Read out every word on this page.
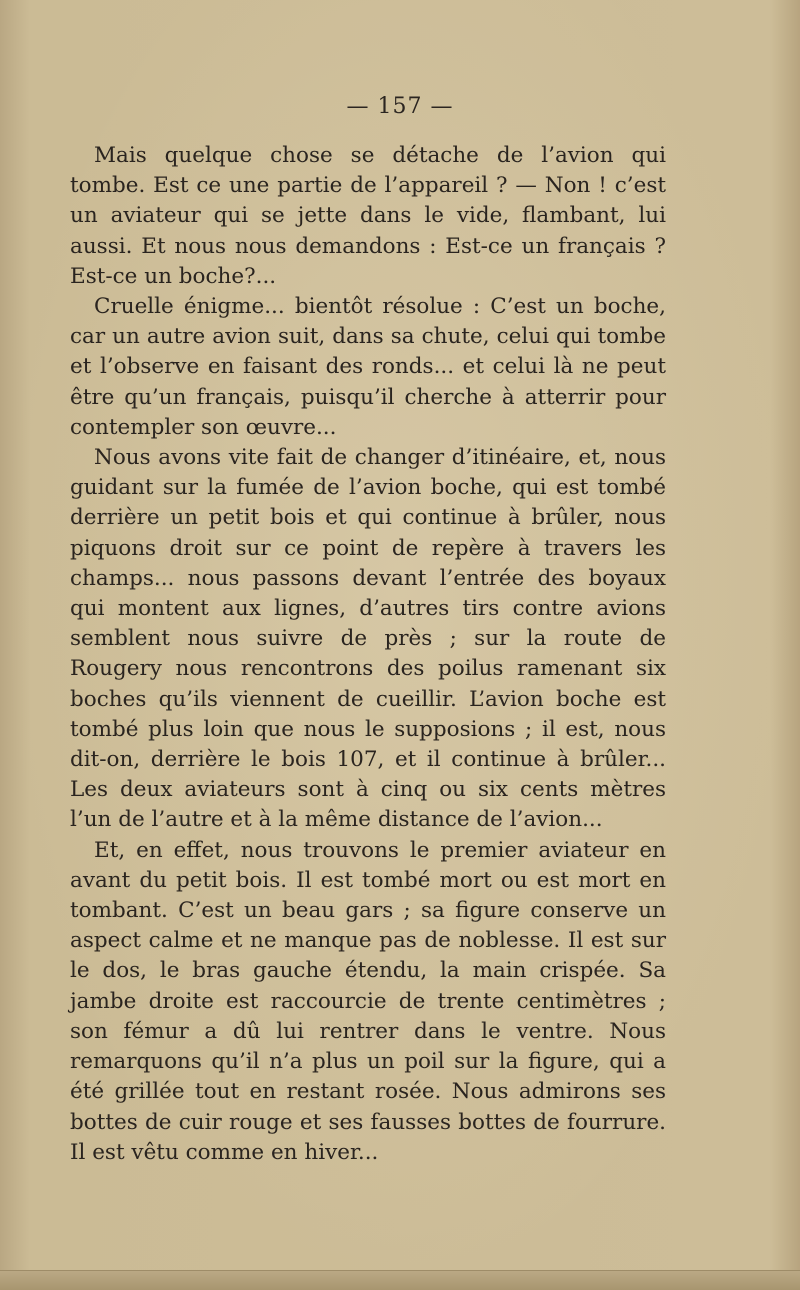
— 157 —

Mais quelque chose se détache de l’avion qui tombe. Est ce une partie de l’appareil ? — Non ! c’est un aviateur qui se jette dans le vide, flambant, lui aussi. Et nous nous demandons : Est-ce un français ? Est-ce un boche?...

Cruelle énigme... bientôt résolue : C’est un boche, car un autre avion suit, dans sa chute, celui qui tombe et l’observe en faisant des ronds... et celui là ne peut être qu’un français, puisqu’il cherche à atterrir pour contempler son œuvre...

Nous avons vite fait de changer d’itinéaire, et, nous guidant sur la fumée de l’avion boche, qui est tombé derrière un petit bois et qui continue à brûler, nous piquons droit sur ce point de repère à travers les champs... nous passons devant l’entrée des boyaux qui montent aux lignes, d’autres tirs contre avions semblent nous suivre de près ; sur la route de Rougery nous rencontrons des poilus ramenant six boches qu’ils viennent de cueillir. L’avion boche est tombé plus loin que nous le supposions ; il est, nous dit-on, derrière le bois 107, et il continue à brûler... Les deux aviateurs sont à cinq ou six cents mètres l’un de l’autre et à la même distance de l’avion...

Et, en effet, nous trouvons le premier aviateur en avant du petit bois. Il est tombé mort ou est mort en tombant. C’est un beau gars ; sa figure conserve un aspect calme et ne manque pas de noblesse. Il est sur le dos, le bras gauche étendu, la main crispée. Sa jambe droite est raccourcie de trente centimètres ; son fémur a dû lui rentrer dans le ventre. Nous remarquons qu’il n’a plus un poil sur la figure, qui a été grillée tout en restant rosée. Nous admirons ses bottes de cuir rouge et ses fausses bottes de fourrure. Il est vêtu comme en hiver...
